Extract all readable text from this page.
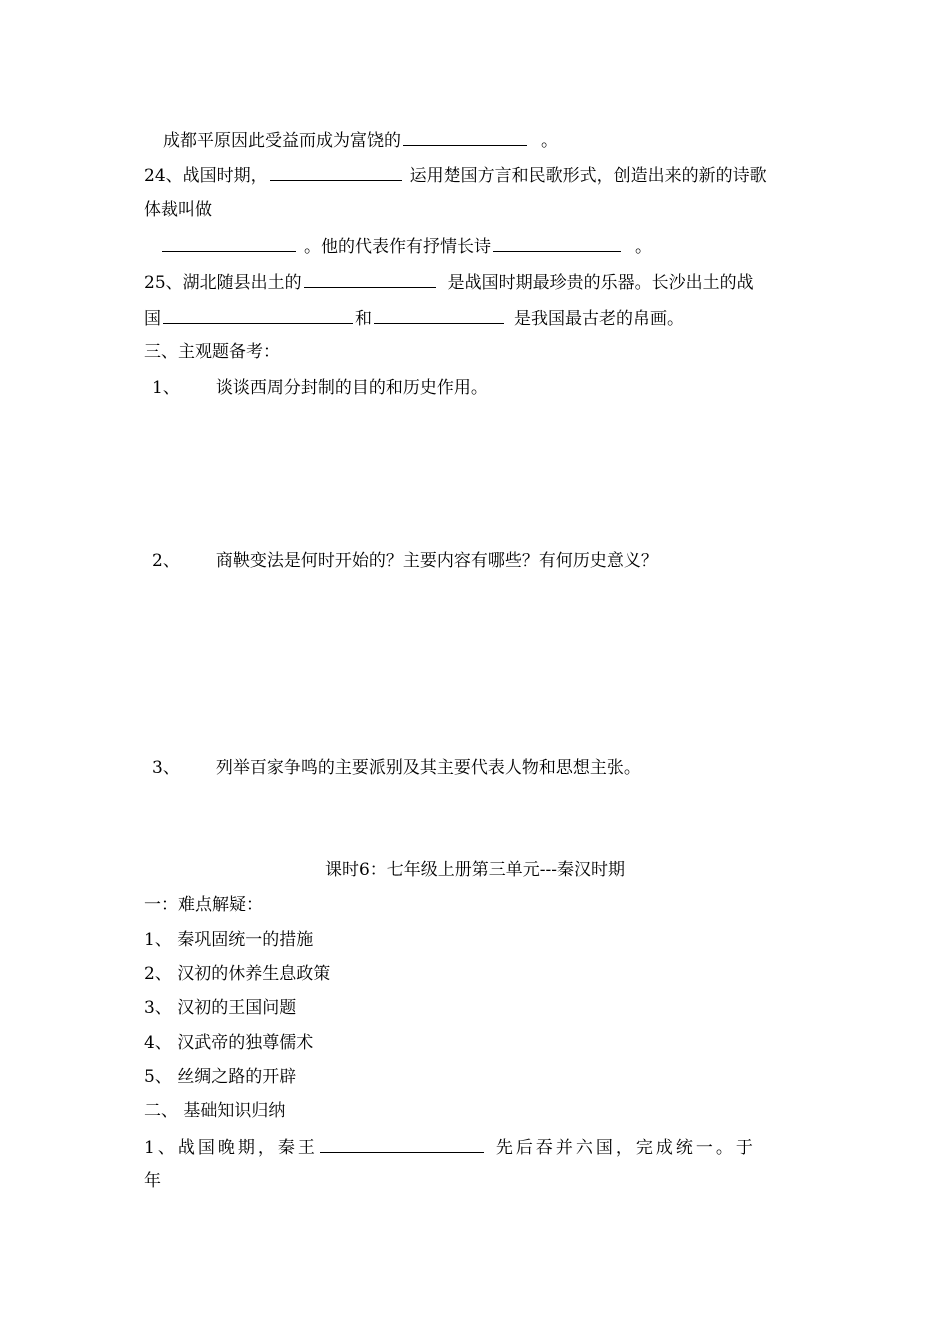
成都平原因此受益而成为富饶的	。
24、战国时期，	运用楚国方言和民歌形式，创造出来的新的诗歌
体裁叫做
。他的代表作有抒情长诗	。
25、湖北随县出土的	是战国时期最珍贵的乐器。长沙出土的战
国	和	是我国最古老的帛画。
三、主观题备考：
1、 谈谈西周分封制的目的和历史作用。
2、 商鞅变法是何时开始的？主要内容有哪些？有何历史意义？
3、 列举百家争鸣的主要派别及其主要代表人物和思想主张。
课时6：七年级上册第三单元---秦汉时期
一：难点解疑：
1、 秦巩固统一的措施
2、 汉初的休养生息政策
3、 汉初的王国问题
4、 汉武帝的独尊儒术
5、 丝绸之路的开辟
二、 基础知识归纳
1、战国晚期，秦王	先后吞并六国，完成统一。于
年
